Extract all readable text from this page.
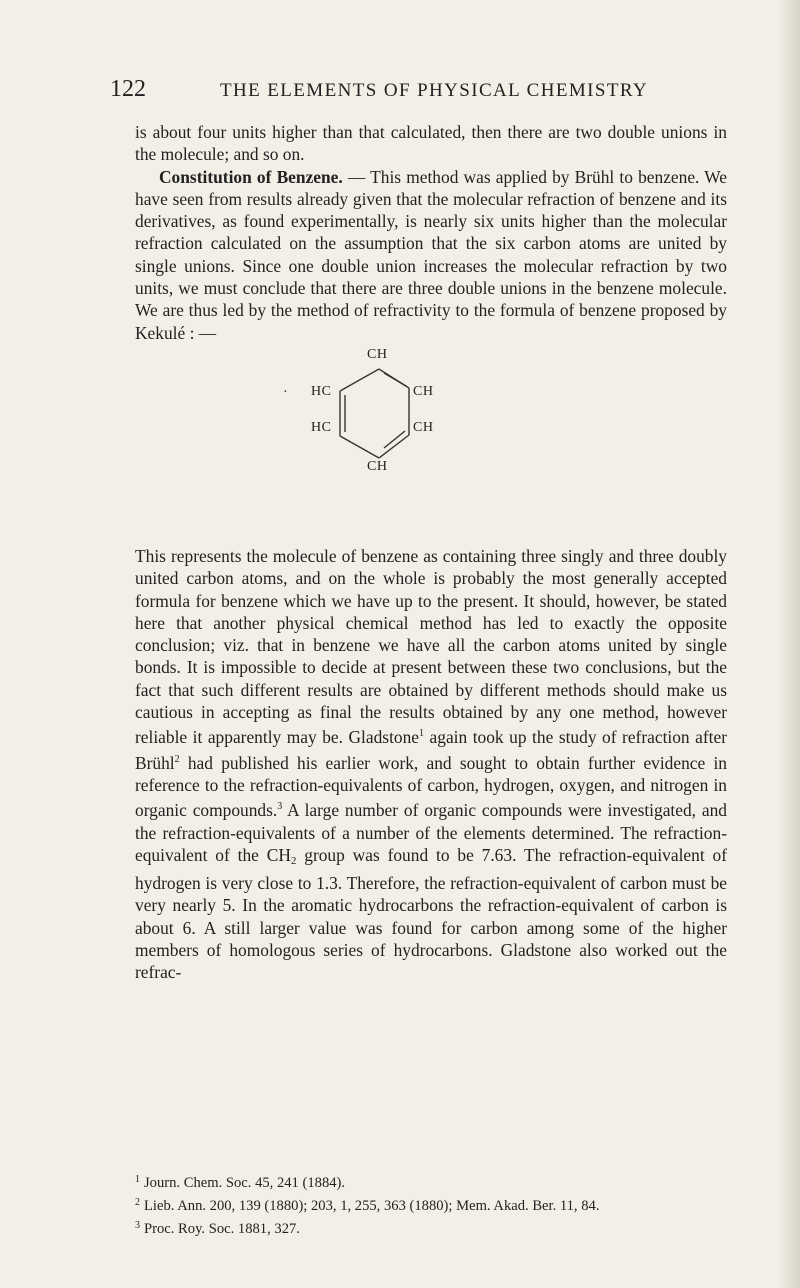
122	THE ELEMENTS OF PHYSICAL CHEMISTRY

is about four units higher than that calculated, then there are two double unions in the molecule; and so on.

Constitution of Benzene. — This method was applied by Brühl to benzene. We have seen from results already given that the molecular refraction of benzene and its derivatives, as found experimentally, is nearly six units higher than the molecular refraction calculated on the assumption that the six carbon atoms are united by single unions. Since one double union increases the molecular refraction by two units, we must conclude that there are three double unions in the benzene molecule. We are thus led by the method of refractivity to the formula of benzene proposed by Kekulé : —

CH
HC	CH
HC	CH
CH
·

This represents the molecule of benzene as containing three singly and three doubly united carbon atoms, and on the whole is probably the most generally accepted formula for benzene which we have up to the present. It should, however, be stated here that another physical chemical method has led to exactly the opposite conclusion; viz. that in benzene we have all the carbon atoms united by single bonds. It is impossible to decide at present between these two conclusions, but the fact that such different results are obtained by different methods should make us cautious in accepting as final the results obtained by any one method, however reliable it apparently may be. Gladstone$^1$ again took up the study of refraction after Brühl$^2$ had published his earlier work, and sought to obtain further evidence in reference to the refraction-equivalents of carbon, hydrogen, oxygen, and nitrogen in organic compounds.$^3$ A large number of organic compounds were investigated, and the refraction-equivalents of a number of the elements determined. The refraction-equivalent of the $CH_2$ group was found to be 7.63. The refraction-equivalent of hydrogen is very close to 1.3. Therefore, the refraction-equivalent of carbon must be very nearly 5. In the aromatic hydrocarbons the refraction-equivalent of carbon is about 6. A still larger value was found for carbon among some of the higher members of homologous series of hydrocarbons. Gladstone also worked out the refrac-

$^1$ Journ. Chem. Soc. 45, 241 (1884).
$^2$ Lieb. Ann. 200, 139 (1880); 203, 1, 255, 363 (1880); Mem. Akad. Ber. 11, 84.
$^3$ Proc. Roy. Soc. 1881, 327.
